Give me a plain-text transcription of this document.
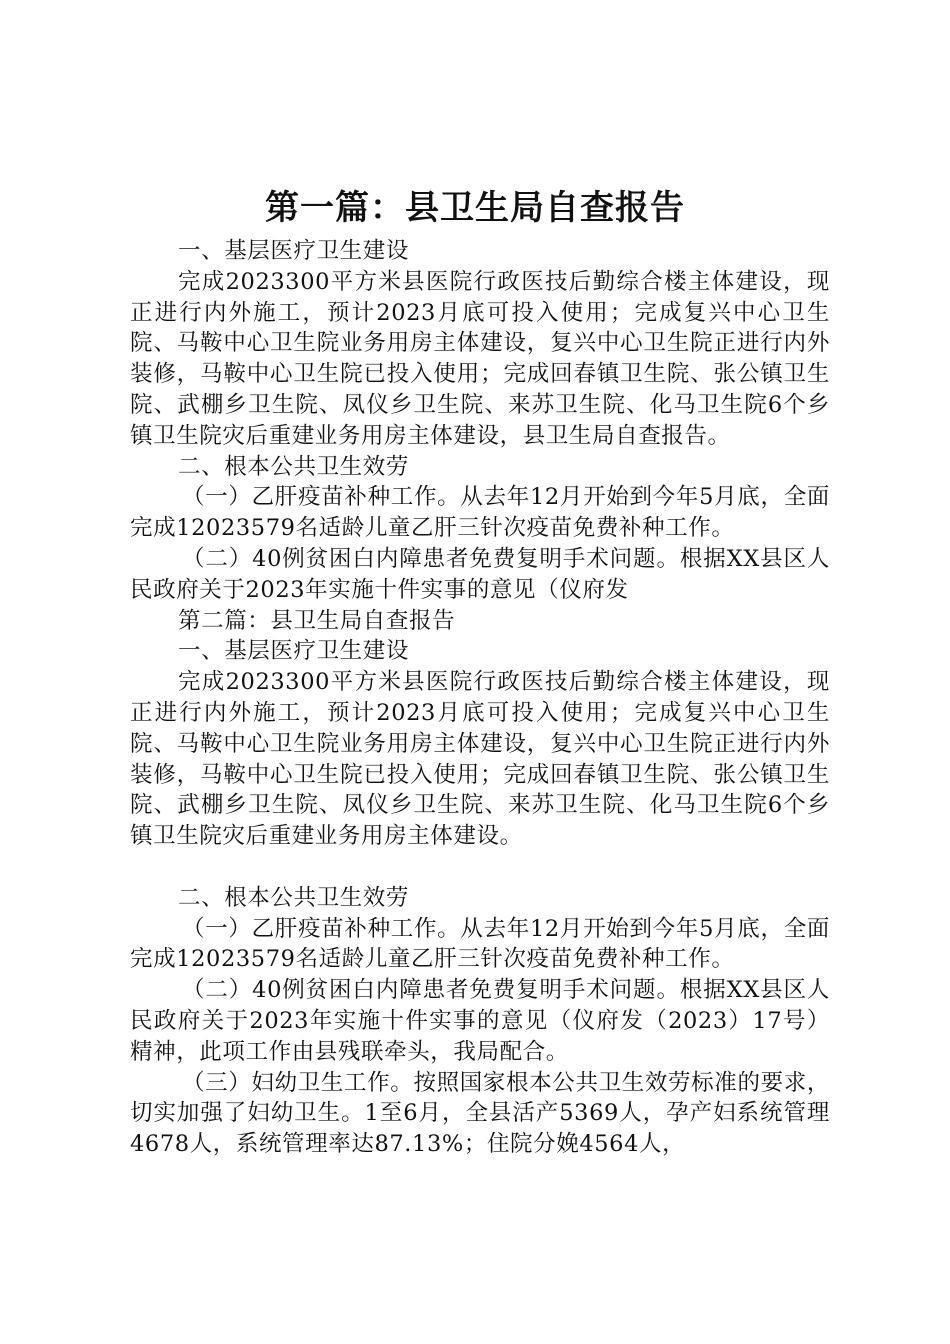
第一篇：县卫生局自查报告

一、基层医疗卫生建设

完成2023300平方米县医院行政医技后勤综合楼主体建设，现正进行内外施工，预计2023月底可投入使用；完成复兴中心卫生院、马鞍中心卫生院业务用房主体建设，复兴中心卫生院正进行内外装修，马鞍中心卫生院已投入使用；完成回春镇卫生院、张公镇卫生院、武棚乡卫生院、凤仪乡卫生院、来苏卫生院、化马卫生院6个乡镇卫生院灾后重建业务用房主体建设，县卫生局自查报告。

二、根本公共卫生效劳

（一）乙肝疫苗补种工作。从去年12月开始到今年5月底，全面完成12023579名适龄儿童乙肝三针次疫苗免费补种工作。

（二）40例贫困白内障患者免费复明手术问题。根据XX县区人民政府关于2023年实施十件实事的意见（仪府发

第二篇：县卫生局自查报告

一、基层医疗卫生建设

完成2023300平方米县医院行政医技后勤综合楼主体建设，现正进行内外施工，预计2023月底可投入使用；完成复兴中心卫生院、马鞍中心卫生院业务用房主体建设，复兴中心卫生院正进行内外装修，马鞍中心卫生院已投入使用；完成回春镇卫生院、张公镇卫生院、武棚乡卫生院、凤仪乡卫生院、来苏卫生院、化马卫生院6个乡镇卫生院灾后重建业务用房主体建设。

二、根本公共卫生效劳

（一）乙肝疫苗补种工作。从去年12月开始到今年5月底，全面完成12023579名适龄儿童乙肝三针次疫苗免费补种工作。

（二）40例贫困白内障患者免费复明手术问题。根据XX县区人民政府关于2023年实施十件实事的意见（仪府发（2023）17号）精神，此项工作由县残联牵头，我局配合。

（三）妇幼卫生工作。按照国家根本公共卫生效劳标准的要求，切实加强了妇幼卫生。1至6月，全县活产5369人，孕产妇系统管理4678人，系统管理率达87.13%；住院分娩4564人，
